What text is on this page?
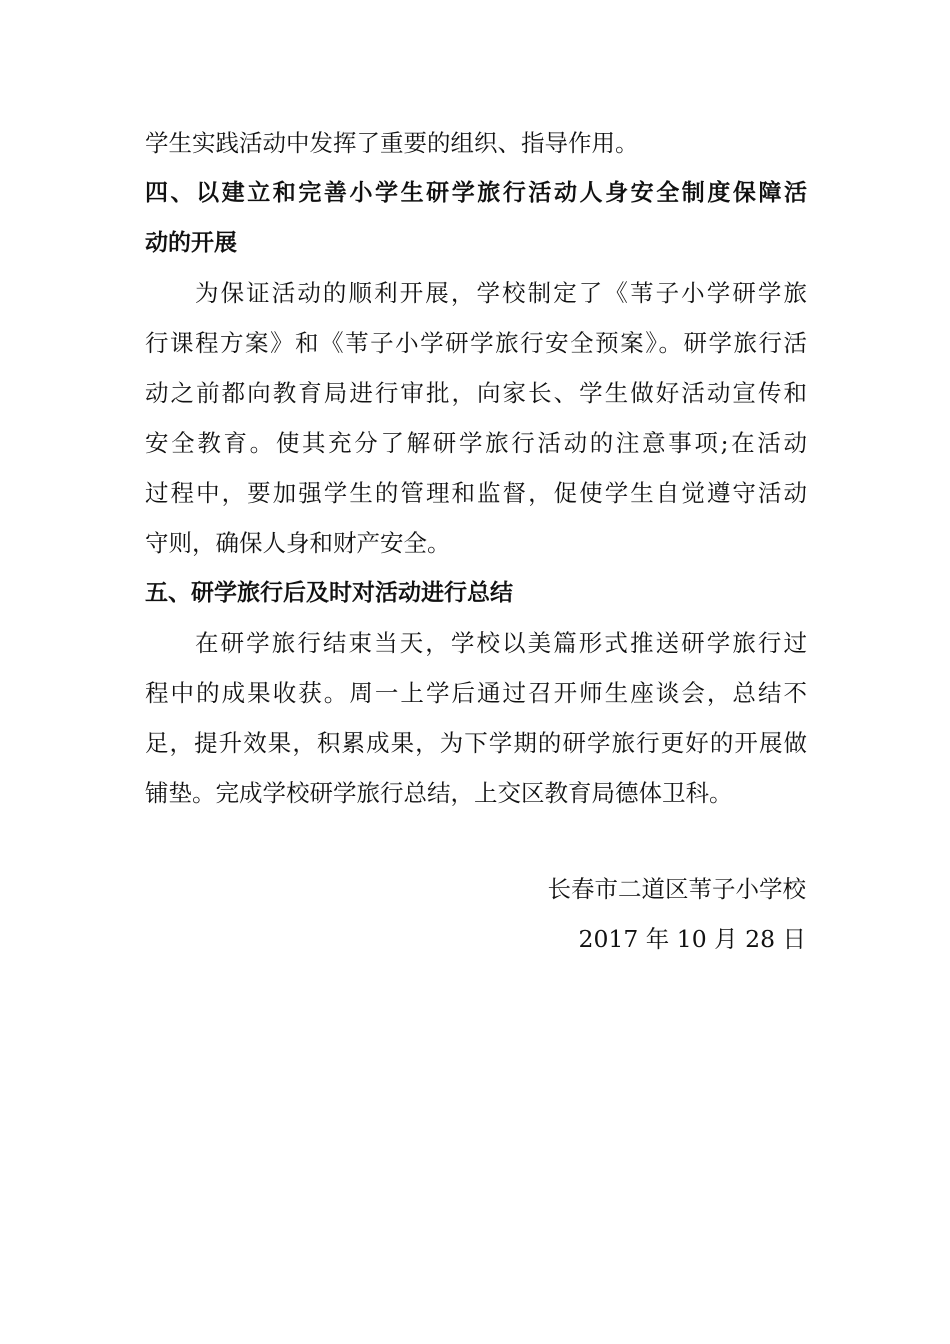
学生实践活动中发挥了重要的组织、指导作用。
四、以建立和完善小学生研学旅行活动人身安全制度保障活
动的开展
为保证活动的顺利开展，学校制定了《苇子小学研学旅
行课程方案》和《苇子小学研学旅行安全预案》。研学旅行活
动之前都向教育局进行审批，向家长、学生做好活动宣传和
安全教育。使其充分了解研学旅行活动的注意事项;在活动
过程中，要加强学生的管理和监督，促使学生自觉遵守活动
守则，确保人身和财产安全。
五、研学旅行后及时对活动进行总结
在研学旅行结束当天，学校以美篇形式推送研学旅行过
程中的成果收获。周一上学后通过召开师生座谈会，总结不
足，提升效果，积累成果，为下学期的研学旅行更好的开展做
铺垫。完成学校研学旅行总结，上交区教育局德体卫科。
长春市二道区苇子小学校
2017 年 10 月 28 日
